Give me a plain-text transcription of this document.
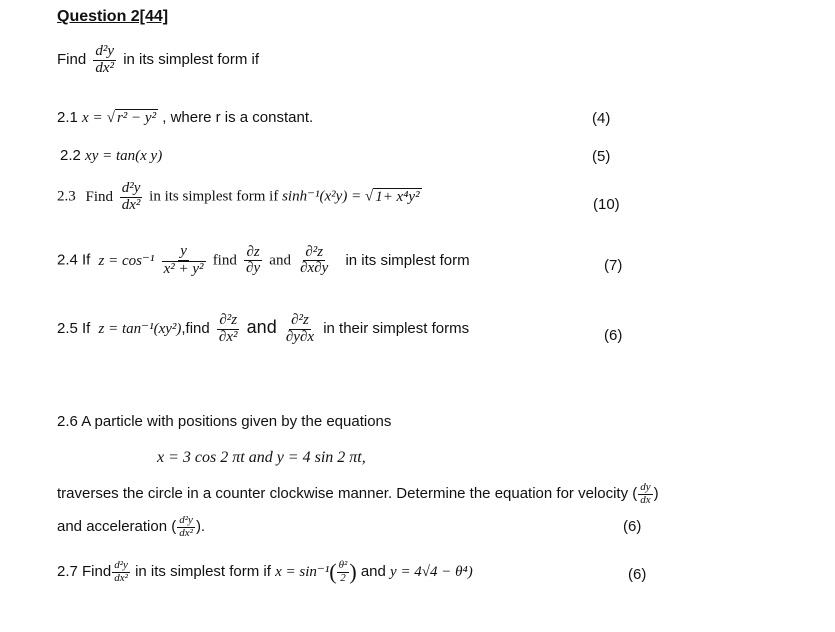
Question 2[44]
Find $\frac{\text{d²y}}{\text{dx²}}$ in its simplest form if
2.1 x = √ r² − y² , where r is a constant.	(4)
2.2 xy = tan(x y)	(5)
2.3 Find $\frac{\text{d²y}}{\text{dx²}}$ in its simplest form if sinh⁻¹(x²y) = √ 1+ x⁴y²	(10)
2.4 If $z = \cos^{-1} \frac{y}{\text{x² + y²}}$ find $\frac{\partial z}{\partial y}$ and $\frac{\text{∂²z}}{\partial x\partial y}$ in its simplest form	(7)
2.5 If z = tan⁻¹(xy²),find $\frac{\text{∂²z}}{\text{∂x²}}$ and $\frac{\text{∂²z}}{\partial y\partial x}$ in their simplest forms	(6)
2.6 A particle with positions given by the equations
x = 3 cos 2 πt and y = 4 sin 2 πt,
traverses the circle in a counter clockwise manner. Determine the equation for velocity ( $\frac{dy}{dx}$ )
and acceleration ( $\frac{\text{d²y}}{\text{dx²}}$ ).	(6)
2.7 Find $\frac{\text{d²y}}{\text{dx²}}$ in its simplest form if $x = \sin^{-1}( \frac{\text{θ²}}{2}$ ) and y = 4√4 − θ⁴)	(6)
